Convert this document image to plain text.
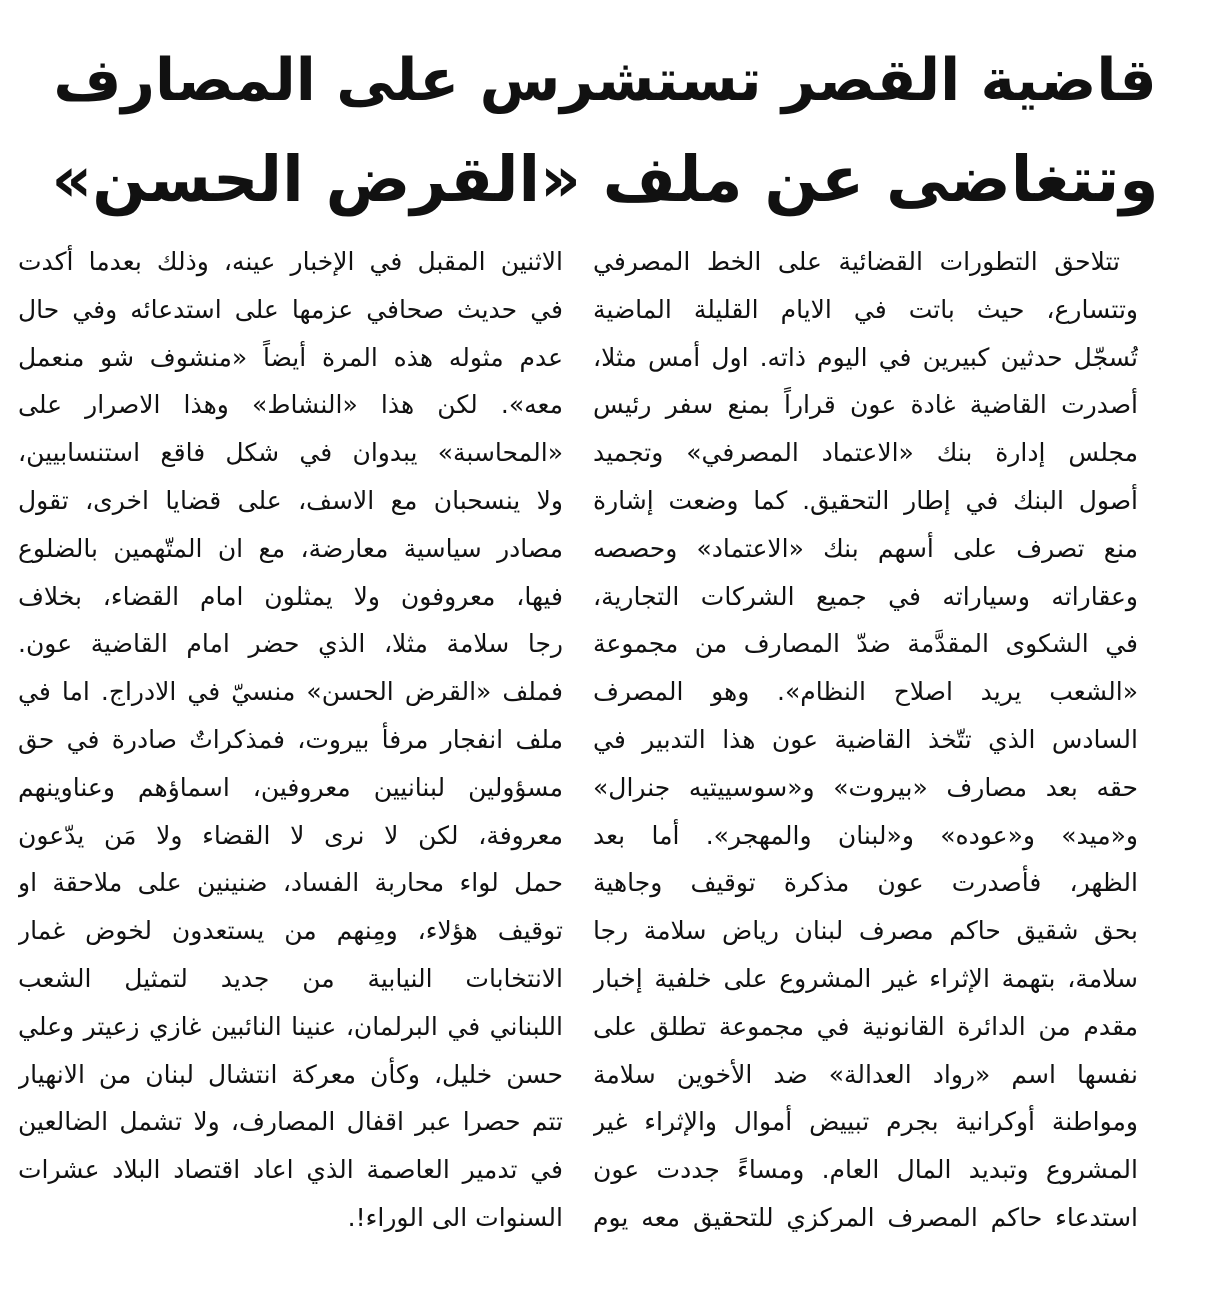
قاضية القصر تستشرس على المصارف
وتتغاضى عن ملف «القرض الحسن»
تتلاحق التطورات القضائية على الخط المصرفي
وتتسارع، حيث باتت في الايام القليلة الماضية
تُسجّل حدثين كبيرين في اليوم ذاته. اول أمس مثلا،
أصدرت القاضية غادة عون قراراً بمنع سفر رئيس
مجلس إدارة بنك «الاعتماد المصرفي» وتجميد
أصول البنك في إطار التحقيق. كما وضعت إشارة
منع تصرف على أسهم بنك «الاعتماد» وحصصه
وعقاراته وسياراته في جميع الشركات التجارية،
في الشكوى المقدَّمة ضدّ المصارف من مجموعة
«الشعب يريد اصلاح النظام». وهو المصرف
السادس الذي تتّخذ القاضية عون هذا التدبير في
حقه بعد مصارف «بيروت» و«سوسييتيه جنرال»
و«ميد» و«عوده» و«لبنان والمهجر». أما بعد
الظهر، فأصدرت عون مذكرة توقيف وجاهية
بحق شقيق حاكم مصرف لبنان رياض سلامة رجا
سلامة، بتهمة الإثراء غير المشروع على خلفية إخبار
مقدم من الدائرة القانونية في مجموعة تطلق على
نفسها اسم «رواد العدالة» ضد الأخوين سلامة
ومواطنة أوكرانية بجرم تبييض أموال والإثراء غير
المشروع وتبديد المال العام. ومساءً جددت عون
استدعاء حاكم المصرف المركزي للتحقيق معه يوم
الاثنين المقبل في الإخبار عينه، وذلك بعدما أكدت
في حديث صحافي عزمها على استدعائه وفي حال
عدم مثوله هذه المرة أيضاً «منشوف شو منعمل
معه». لكن هذا «النشاط» وهذا الاصرار على
«المحاسبة» يبدوان في شكل فاقع استنسابيين،
ولا ينسحبان مع الاسف، على قضايا اخرى، تقول
مصادر سياسية معارضة، مع ان المتّهمين بالضلوع
فيها، معروفون ولا يمثلون امام القضاء، بخلاف
رجا سلامة مثلا، الذي حضر امام القاضية عون.
فملف «القرض الحسن» منسيّ في الادراج. اما في
ملف انفجار مرفأ بيروت، فمذكراتٌ صادرة في حق
مسؤولين لبنانيين معروفين، اسماؤهم وعناوينهم
معروفة، لكن لا نرى لا القضاء ولا مَن يدّعون
حمل لواء محاربة الفساد، ضنينين على ملاحقة او
توقيف هؤلاء، ومِنهم من يستعدون لخوض غمار
الانتخابات النيابية من جديد لتمثيل الشعب
اللبناني في البرلمان، عنينا النائبين غازي زعيتر وعلي
حسن خليل، وكأن معركة انتشال لبنان من الانهيار
تتم حصرا عبر اقفال المصارف، ولا تشمل الضالعين
في تدمير العاصمة الذي اعاد اقتصاد البلاد عشرات
السنوات الى الوراء!.
